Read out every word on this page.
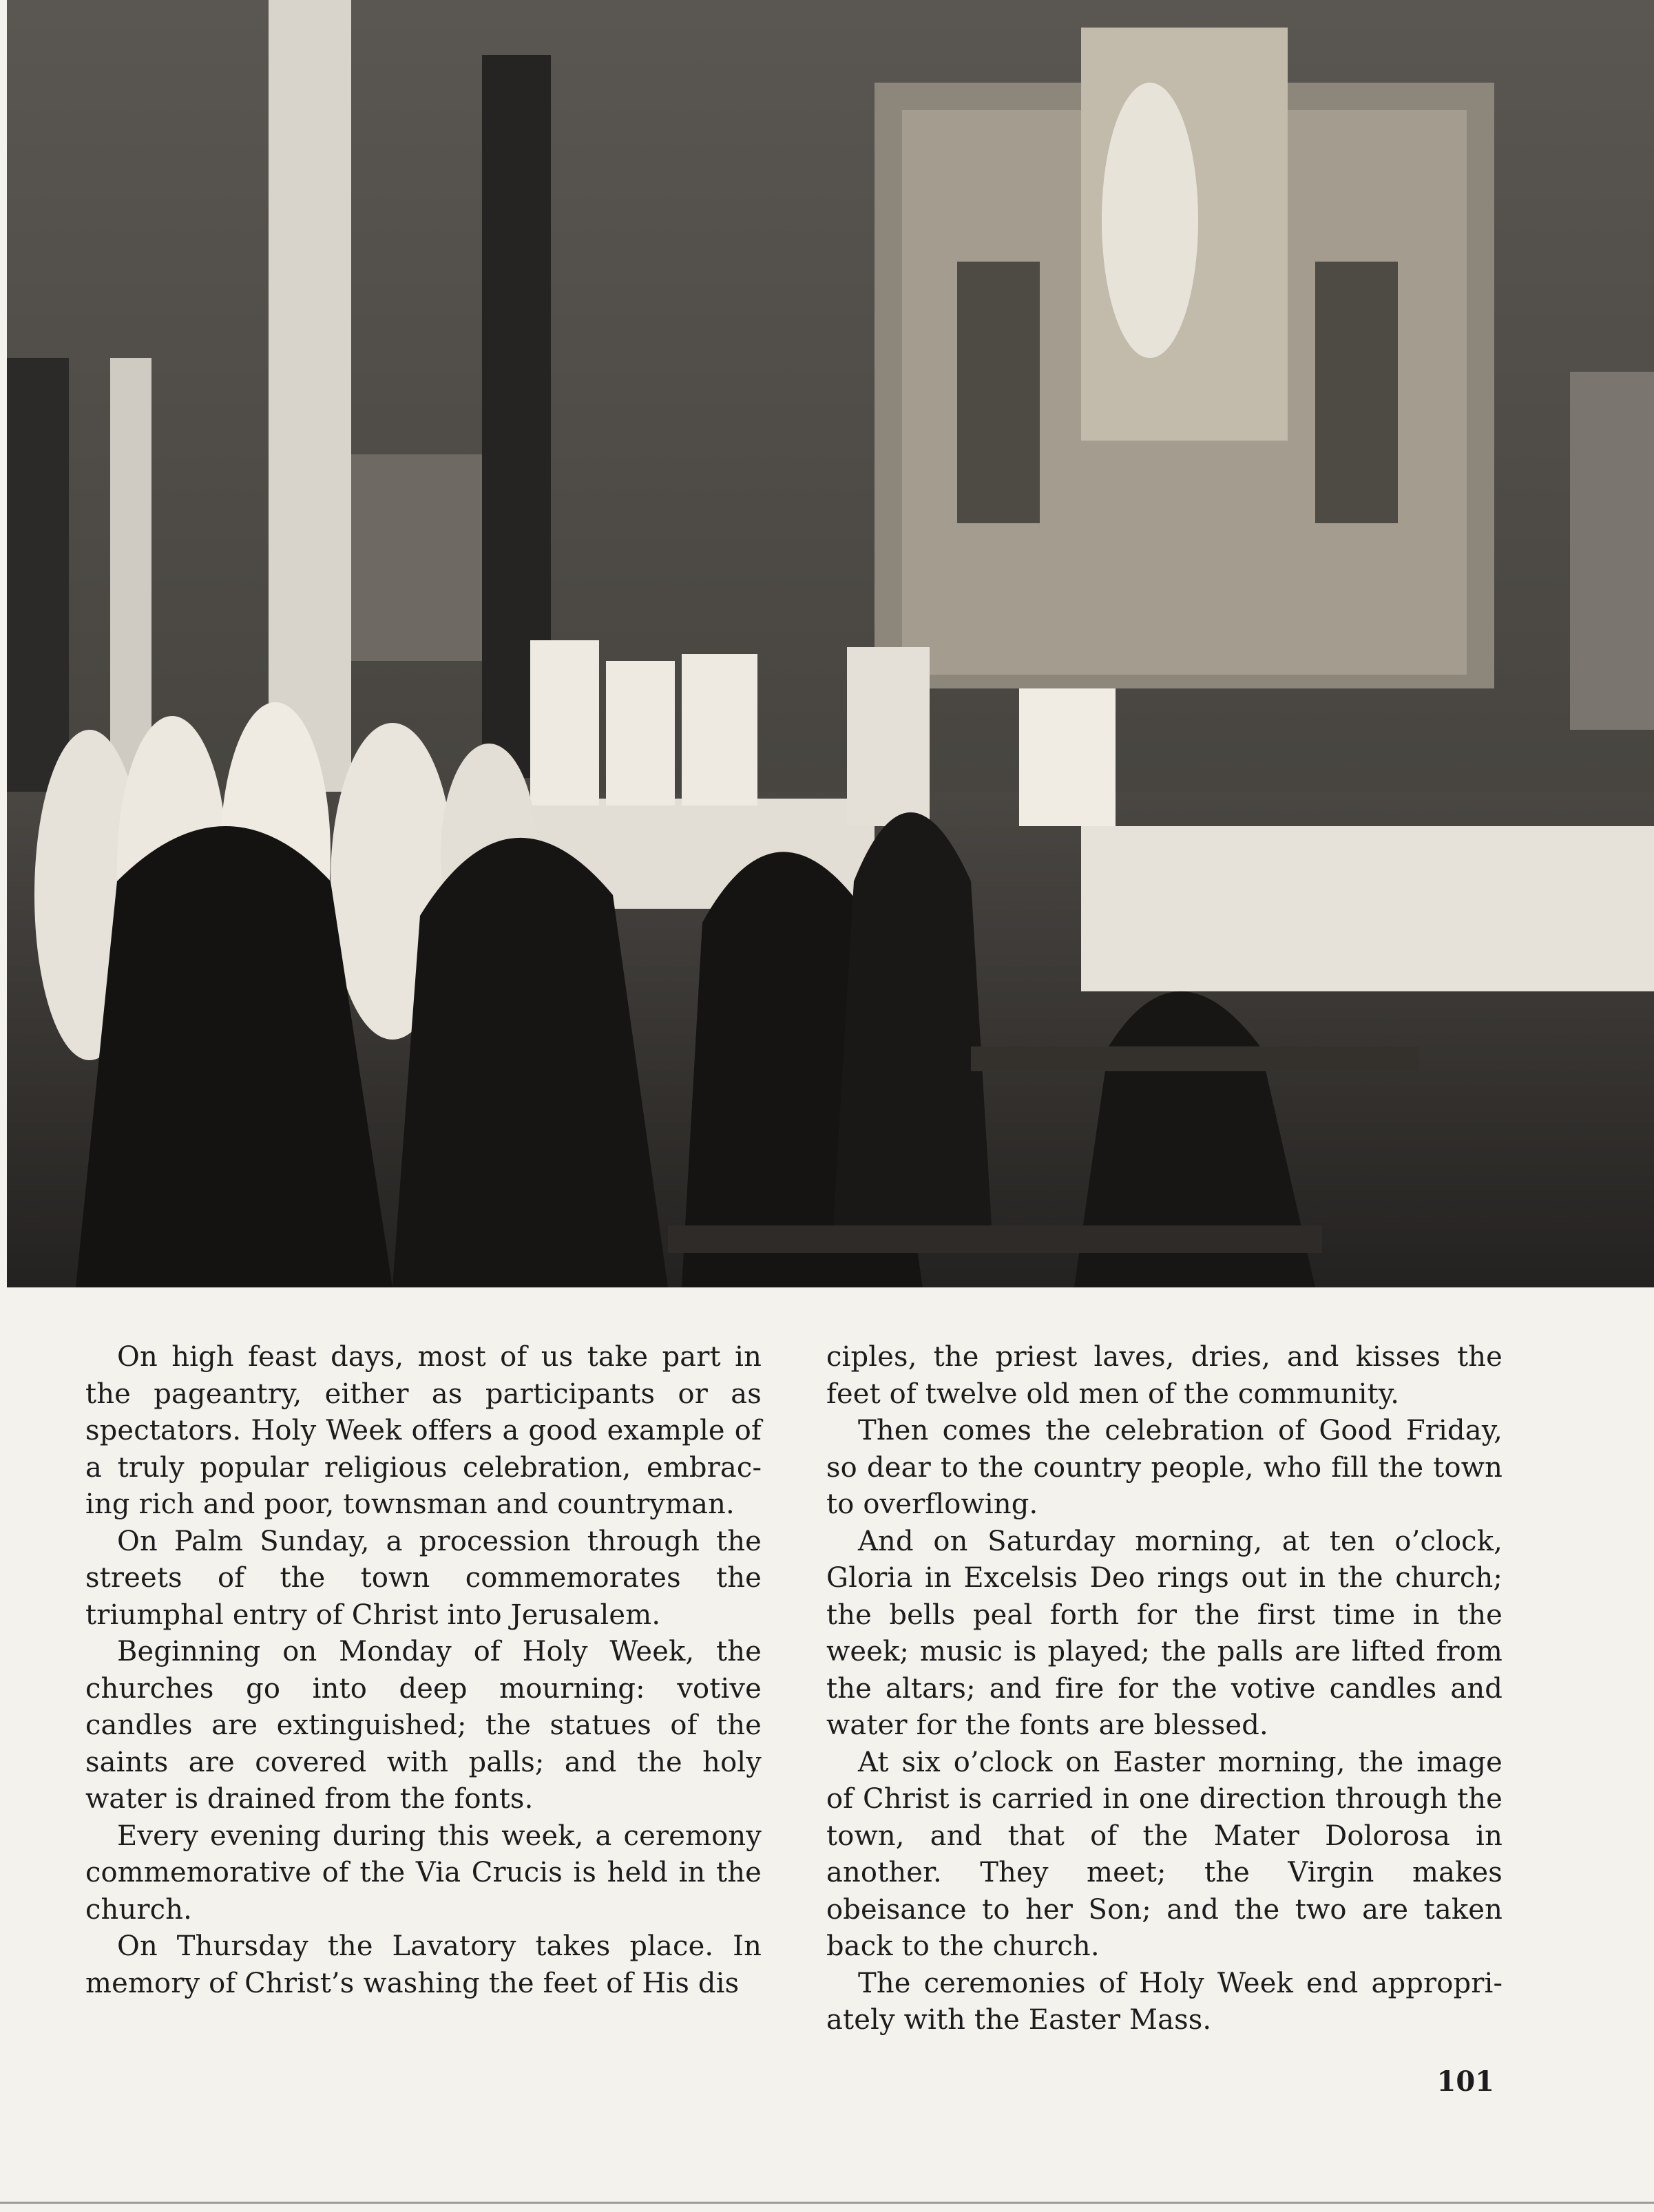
On high feast days, most of us take part in the pageantry, either as participants or as spectators. Holy Week offers a good example of a truly popular religious celebration, embracing rich and poor, townsman and countryman.

On Palm Sunday, a procession through the streets of the town commemorates the triumphal entry of Christ into Jerusalem.

Beginning on Monday of Holy Week, the churches go into deep mourning: votive candles are extinguished; the statues of the saints are covered with palls; and the holy water is drained from the fonts.

Every evening during this week, a ceremony commemorative of the Via Crucis is held in the church.

On Thursday the Lavatory takes place. In memory of Christ’s washing the feet of His dis

ciples, the priest laves, dries, and kisses the feet of twelve old men of the community.

Then comes the celebration of Good Friday, so dear to the country people, who fill the town to overflowing.

And on Saturday morning, at ten o’clock, Gloria in Excelsis Deo rings out in the church; the bells peal forth for the first time in the week; music is played; the palls are lifted from the altars; and fire for the votive candles and water for the fonts are blessed.

At six o’clock on Easter morning, the image of Christ is carried in one direction through the town, and that of the Mater Dolorosa in another. They meet; the Virgin makes obeisance to her Son; and the two are taken back to the church.

The ceremonies of Holy Week end appropriately with the Easter Mass.

101
